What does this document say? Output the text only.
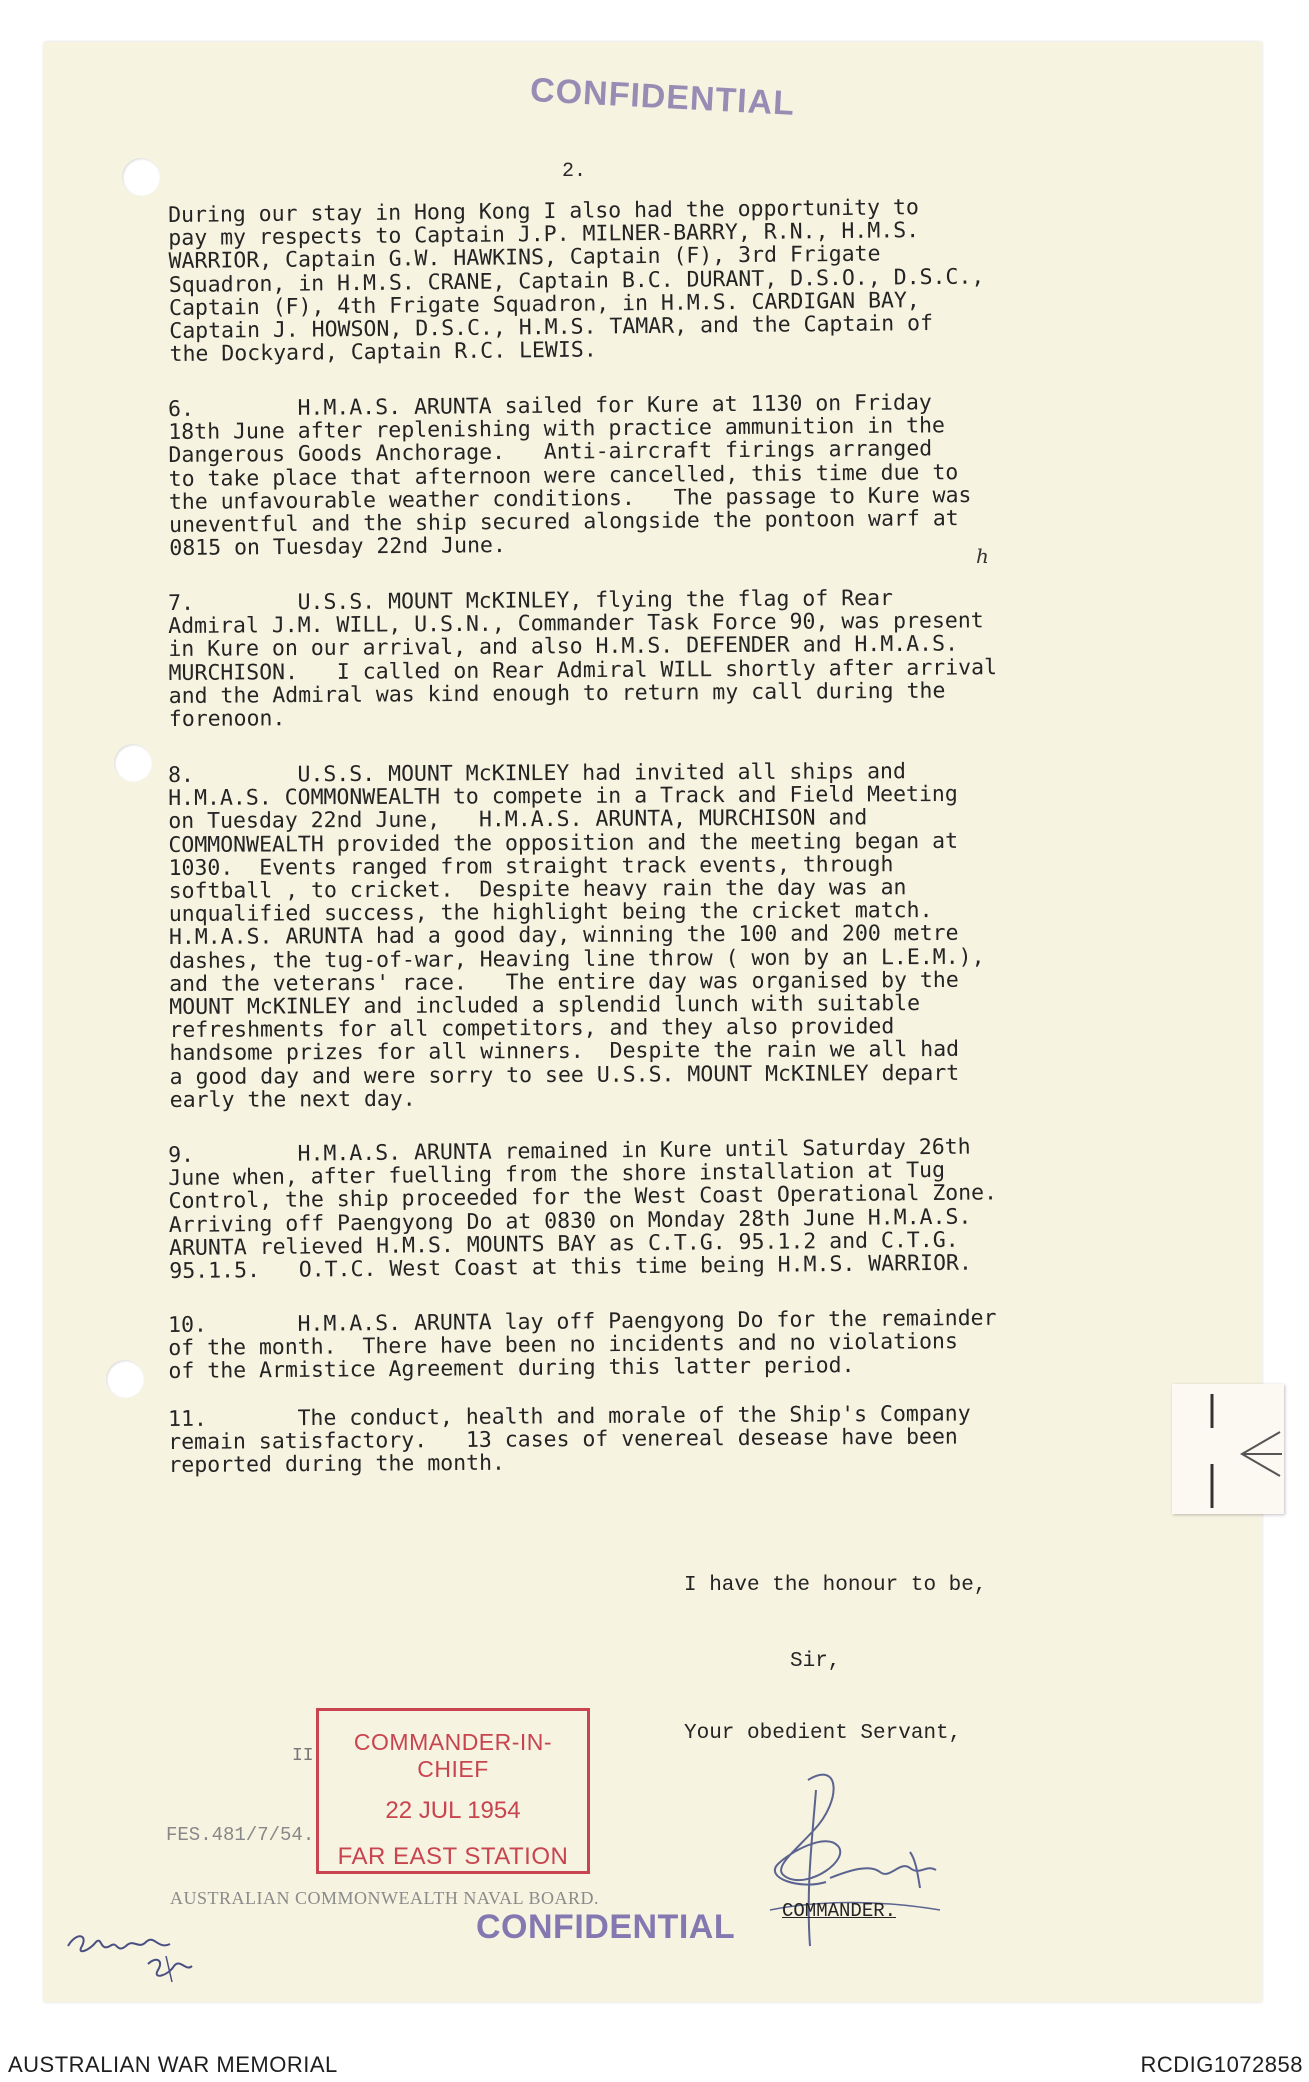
CONFIDENTIAL
2.
During our stay in Hong Kong I also had the opportunity to
pay my respects to Captain J.P. MILNER-BARRY, R.N., H.M.S.
WARRIOR, Captain G.W. HAWKINS, Captain (F), 3rd Frigate
Squadron, in H.M.S. CRANE, Captain B.C. DURANT, D.S.O., D.S.C.,
Captain (F), 4th Frigate Squadron, in H.M.S. CARDIGAN BAY,
Captain J. HOWSON, D.S.C., H.M.S. TAMAR, and the Captain of
the Dockyard, Captain R.C. LEWIS.
6.        H.M.A.S. ARUNTA sailed for Kure at 1130 on Friday
18th June after replenishing with practice ammunition in the
Dangerous Goods Anchorage.   Anti-aircraft firings arranged
to take place that afternoon were cancelled, this time due to
the unfavourable weather conditions.   The passage to Kure was
uneventful and the ship secured alongside the pontoon warf at
0815 on Tuesday 22nd June.	h
7.        U.S.S. MOUNT McKINLEY, flying the flag of Rear
Admiral J.M. WILL, U.S.N., Commander Task Force 90, was present
in Kure on our arrival, and also H.M.S. DEFENDER and H.M.A.S.
MURCHISON.   I called on Rear Admiral WILL shortly after arrival
and the Admiral was kind enough to return my call during the
forenoon.
8.        U.S.S. MOUNT McKINLEY had invited all ships and
H.M.A.S. COMMONWEALTH to compete in a Track and Field Meeting
on Tuesday 22nd June,   H.M.A.S. ARUNTA, MURCHISON and
COMMONWEALTH provided the opposition and the meeting began at
1030.  Events ranged from straight track events, through
softball , to cricket.  Despite heavy rain the day was an
unqualified success, the highlight being the cricket match.
H.M.A.S. ARUNTA had a good day, winning the 100 and 200 metre
dashes, the tug-of-war, Heaving line throw ( won by an L.E.M.),
and the veterans' race.   The entire day was organised by the
MOUNT McKINLEY and included a splendid lunch with suitable
refreshments for all competitors, and they also provided
handsome prizes for all winners.  Despite the rain we all had
a good day and were sorry to see U.S.S. MOUNT McKINLEY depart
early the next day.
9.        H.M.A.S. ARUNTA remained in Kure until Saturday 26th
June when, after fuelling from the shore installation at Tug
Control, the ship proceeded for the West Coast Operational Zone.
Arriving off Paengyong Do at 0830 on Monday 28th June H.M.A.S.
ARUNTA relieved H.M.S. MOUNTS BAY as C.T.G. 95.1.2 and C.T.G.
95.1.5.   O.T.C. West Coast at this time being H.M.S. WARRIOR.
10.       H.M.A.S. ARUNTA lay off Paengyong Do for the remainder
of the month.  There have been no incidents and no violations
of the Armistice Agreement during this latter period.
11.       The conduct, health and morale of the Ship's Company
remain satisfactory.   13 cases of venereal desease have been
reported during the month.
I have the honour to be,
Sir,
Your obedient Servant,
II
COMMANDER-IN-CHIEF
22 JUL 1954
FAR EAST STATION
FES.481/7/54.
AUSTRALIAN COMMONWEALTH NAVAL BOARD.
CONFIDENTIAL COMMANDER.
AUSTRALIAN WAR MEMORIAL	RCDIG1072858
